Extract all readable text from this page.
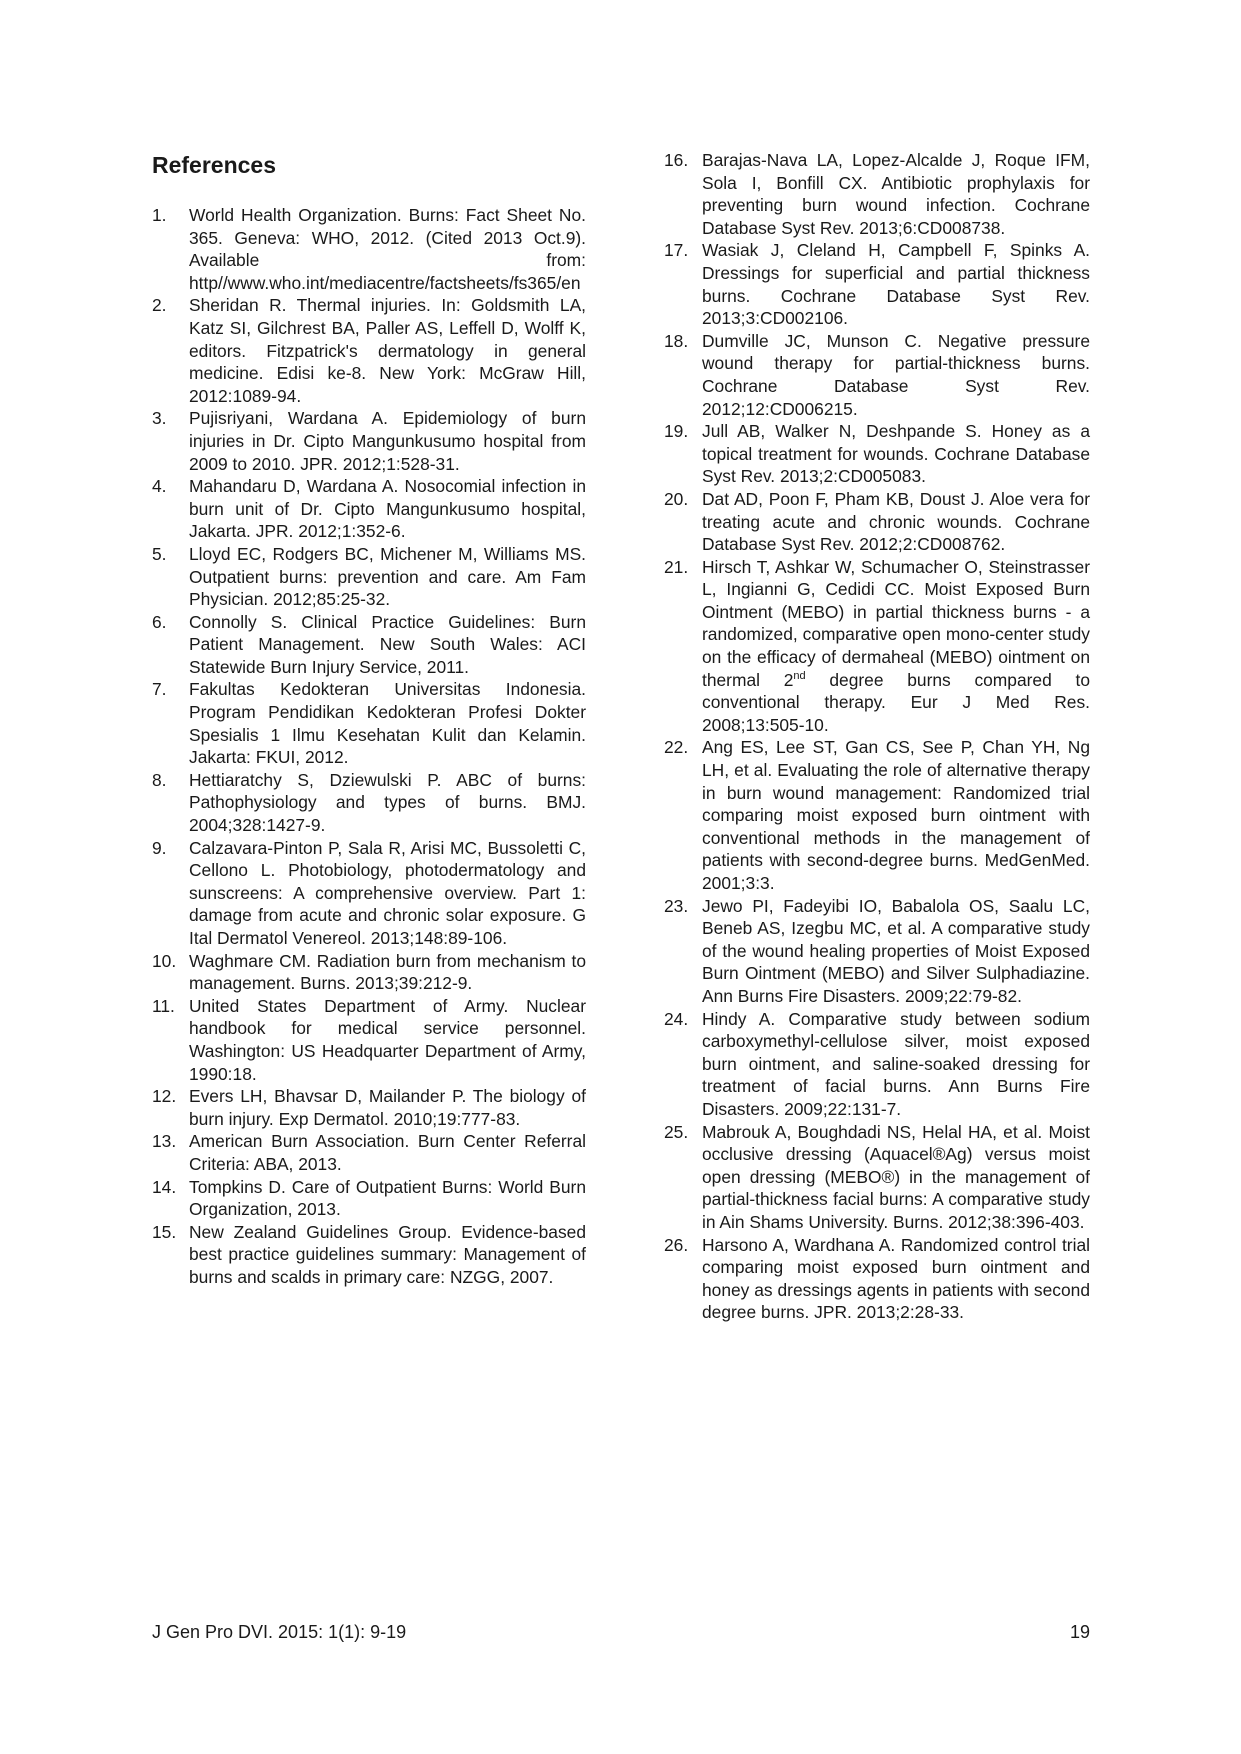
References
1. World Health Organization. Burns: Fact Sheet No. 365. Geneva: WHO, 2012. (Cited 2013 Oct.9). Available from: http//www.who.int/mediacentre/factsheets/fs365/en
2. Sheridan R. Thermal injuries. In: Goldsmith LA, Katz SI, Gilchrest BA, Paller AS, Leffell D, Wolff K, editors. Fitzpatrick's dermatology in general medicine. Edisi ke-8. New York: McGraw Hill, 2012:1089-94.
3. Pujisriyani, Wardana A. Epidemiology of burn injuries in Dr. Cipto Mangunkusumo hospital from 2009 to 2010. JPR. 2012;1:528-31.
4. Mahandaru D, Wardana A. Nosocomial infection in burn unit of Dr. Cipto Mangunkusumo hospital, Jakarta. JPR. 2012;1:352-6.
5. Lloyd EC, Rodgers BC, Michener M, Williams MS. Outpatient burns: prevention and care. Am Fam Physician. 2012;85:25-32.
6. Connolly S. Clinical Practice Guidelines: Burn Patient Management. New South Wales: ACI Statewide Burn Injury Service, 2011.
7. Fakultas Kedokteran Universitas Indonesia. Program Pendidikan Kedokteran Profesi Dokter Spesialis 1 Ilmu Kesehatan Kulit dan Kelamin. Jakarta: FKUI, 2012.
8. Hettiaratchy S, Dziewulski P. ABC of burns: Pathophysiology and types of burns. BMJ. 2004;328:1427-9.
9. Calzavara-Pinton P, Sala R, Arisi MC, Bussoletti C, Cellono L. Photobiology, photodermatology and sunscreens: A comprehensive overview. Part 1: damage from acute and chronic solar exposure. G Ital Dermatol Venereol. 2013;148:89-106.
10. Waghmare CM. Radiation burn from mechanism to management. Burns. 2013;39:212-9.
11. United States Department of Army. Nuclear handbook for medical service personnel. Washington: US Headquarter Department of Army, 1990:18.
12. Evers LH, Bhavsar D, Mailander P. The biology of burn injury. Exp Dermatol. 2010;19:777-83.
13. American Burn Association. Burn Center Referral Criteria: ABA, 2013.
14. Tompkins D. Care of Outpatient Burns: World Burn Organization, 2013.
15. New Zealand Guidelines Group. Evidence-based best practice guidelines summary: Management of burns and scalds in primary care: NZGG, 2007.
16. Barajas-Nava LA, Lopez-Alcalde J, Roque IFM, Sola I, Bonfill CX. Antibiotic prophylaxis for preventing burn wound infection. Cochrane Database Syst Rev. 2013;6:CD008738.
17. Wasiak J, Cleland H, Campbell F, Spinks A. Dressings for superficial and partial thickness burns. Cochrane Database Syst Rev. 2013;3:CD002106.
18. Dumville JC, Munson C. Negative pressure wound therapy for partial-thickness burns. Cochrane Database Syst Rev. 2012;12:CD006215.
19. Jull AB, Walker N, Deshpande S. Honey as a topical treatment for wounds. Cochrane Database Syst Rev. 2013;2:CD005083.
20. Dat AD, Poon F, Pham KB, Doust J. Aloe vera for treating acute and chronic wounds. Cochrane Database Syst Rev. 2012;2:CD008762.
21. Hirsch T, Ashkar W, Schumacher O, Steinstrasser L, Ingianni G, Cedidi CC. Moist Exposed Burn Ointment (MEBO) in partial thickness burns - a randomized, comparative open mono-center study on the efficacy of dermaheal (MEBO) ointment on thermal 2nd degree burns compared to conventional therapy. Eur J Med Res. 2008;13:505-10.
22. Ang ES, Lee ST, Gan CS, See P, Chan YH, Ng LH, et al. Evaluating the role of alternative therapy in burn wound management: Randomized trial comparing moist exposed burn ointment with conventional methods in the management of patients with second-degree burns. MedGenMed. 2001;3:3.
23. Jewo PI, Fadeyibi IO, Babalola OS, Saalu LC, Beneb AS, Izegbu MC, et al. A comparative study of the wound healing properties of Moist Exposed Burn Ointment (MEBO) and Silver Sulphadiazine. Ann Burns Fire Disasters. 2009;22:79-82.
24. Hindy A. Comparative study between sodium carboxymethyl-cellulose silver, moist exposed burn ointment, and saline-soaked dressing for treatment of facial burns. Ann Burns Fire Disasters. 2009;22:131-7.
25. Mabrouk A, Boughdadi NS, Helal HA, et al. Moist occlusive dressing (Aquacel®Ag) versus moist open dressing (MEBO®) in the management of partial-thickness facial burns: A comparative study in Ain Shams University. Burns. 2012;38:396-403.
26. Harsono A, Wardhana A. Randomized control trial comparing moist exposed burn ointment and honey as dressings agents in patients with second degree burns. JPR. 2013;2:28-33.
J Gen Pro DVI. 2015: 1(1): 9-19	19
